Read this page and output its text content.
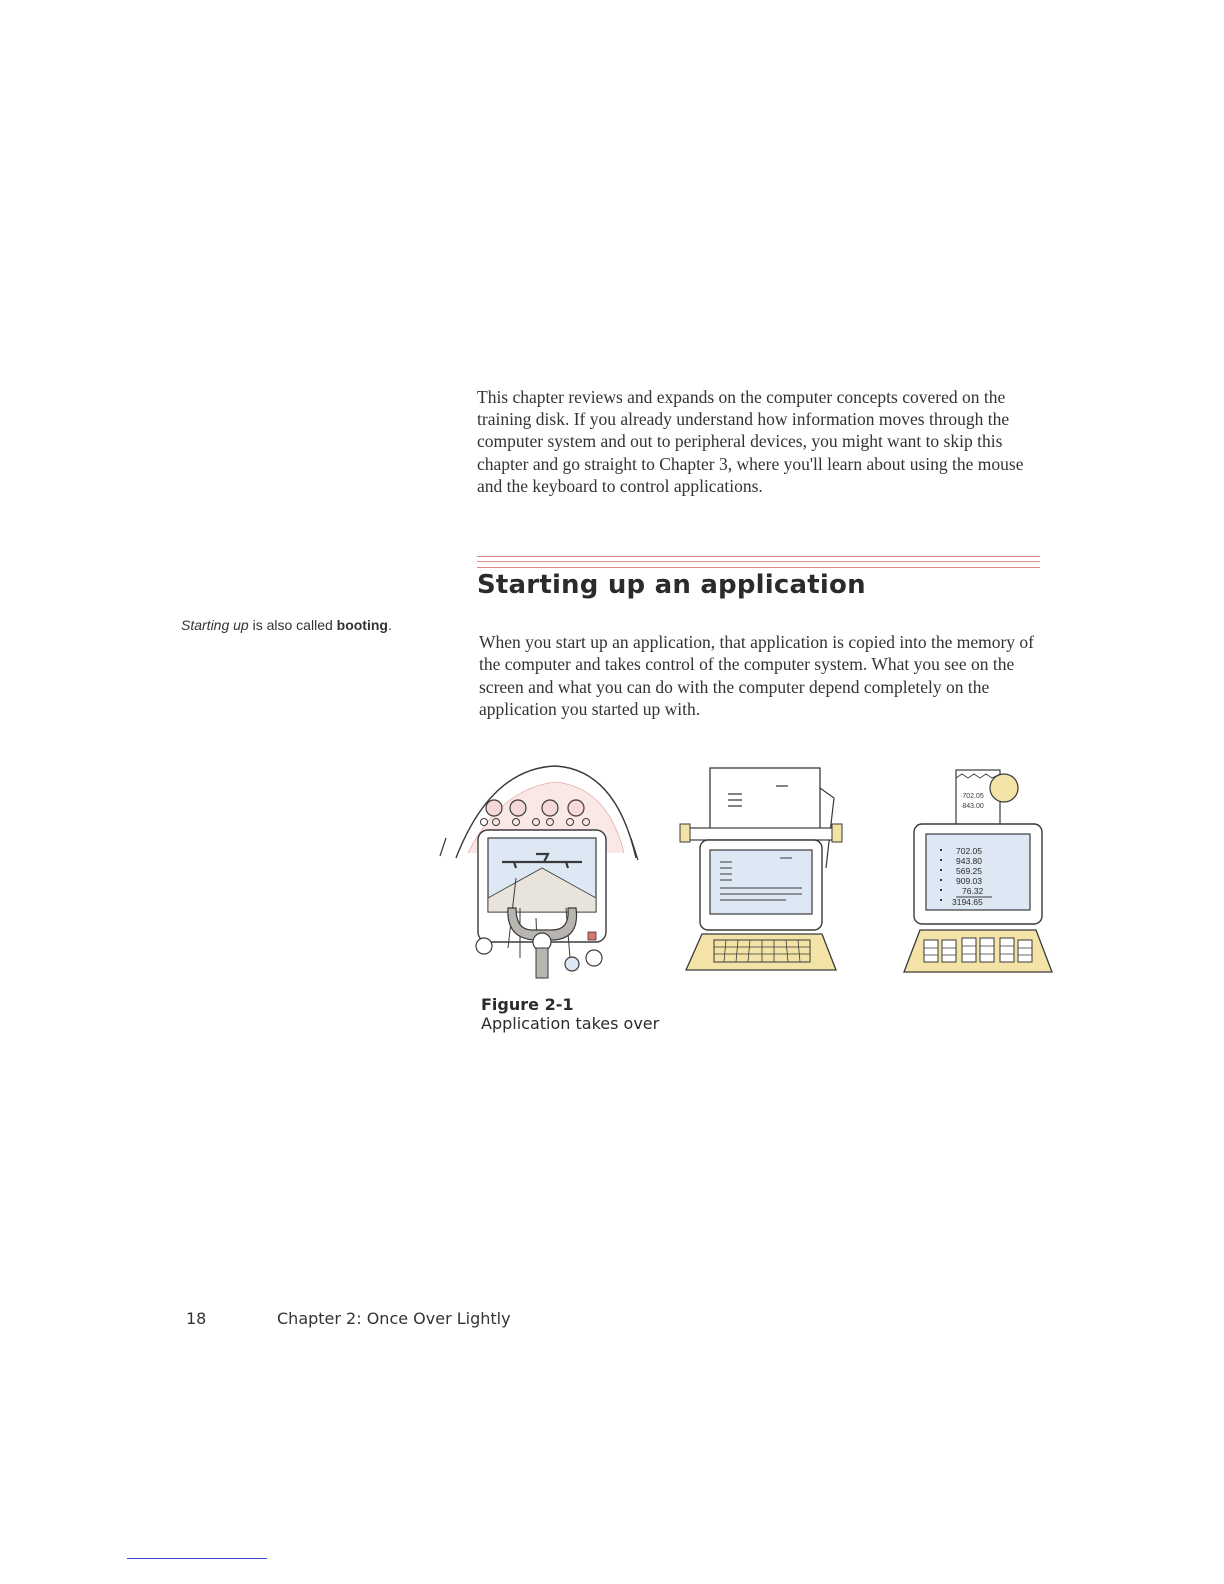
This chapter reviews and expands on the computer concepts covered on the training disk. If you already understand how information moves through the computer system and out to peripheral devices, you might want to skip this chapter and go straight to Chapter 3, where you'll learn about using the mouse and the keyboard to control applications.

Starting up an application
Starting up is also called booting.

When you start up an application, that application is copied into the memory of the computer and takes control of the computer system. What you see on the screen and what you can do with the computer depend completely on the application you started up with.

·702.05
·843.00
702.05
943.80
569.25
909.03
76.32
3194.65
Figure 2-1
Application takes over
18	Chapter 2: Once Over Lightly
